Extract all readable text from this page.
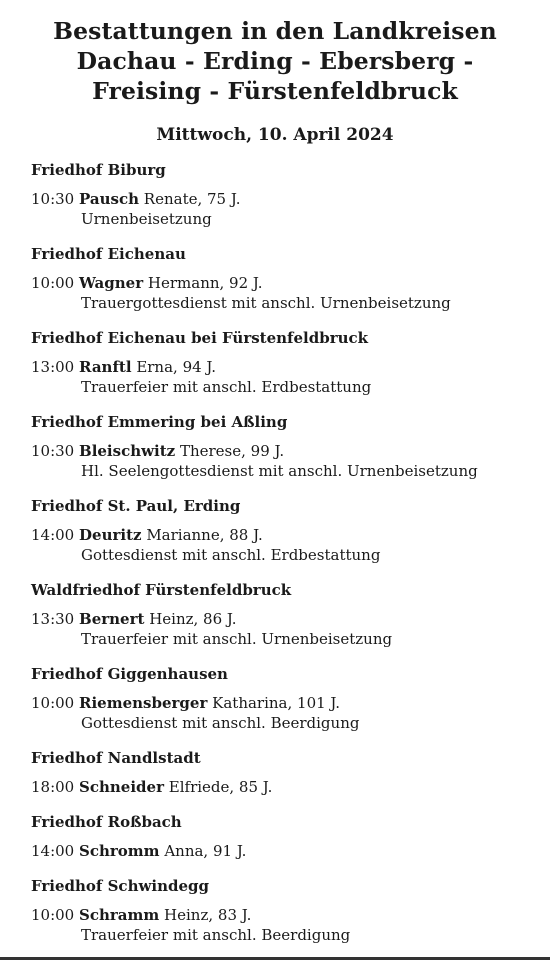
Bestattungen in den Landkreisen
Dachau - Erding - Ebersberg -
Freising - Fürstenfeldbruck
Mittwoch, 10. April 2024
Friedhof Biburg
10:30 Pausch Renate, 75 J.
Urnenbeisetzung
Friedhof Eichenau
10:00 Wagner Hermann, 92 J.
Trauergottesdienst mit anschl. Urnenbeisetzung
Friedhof Eichenau bei Fürstenfeldbruck
13:00 Ranftl Erna, 94 J.
Trauerfeier mit anschl. Erdbestattung
Friedhof Emmering bei Aßling
10:30 Bleischwitz Therese, 99 J.
Hl. Seelengottesdienst mit anschl. Urnenbeisetzung
Friedhof St. Paul, Erding
14:00 Deuritz Marianne, 88 J.
Gottesdienst mit anschl. Erdbestattung
Waldfriedhof Fürstenfeldbruck
13:30 Bernert Heinz, 86 J.
Trauerfeier mit anschl. Urnenbeisetzung
Friedhof Giggenhausen
10:00 Riemensberger Katharina, 101 J.
Gottesdienst mit anschl. Beerdigung
Friedhof Nandlstadt
18:00 Schneider Elfriede, 85 J.
Friedhof Roßbach
14:00 Schromm Anna, 91 J.
Friedhof Schwindegg
10:00 Schramm Heinz, 83 J.
Trauerfeier mit anschl. Beerdigung
